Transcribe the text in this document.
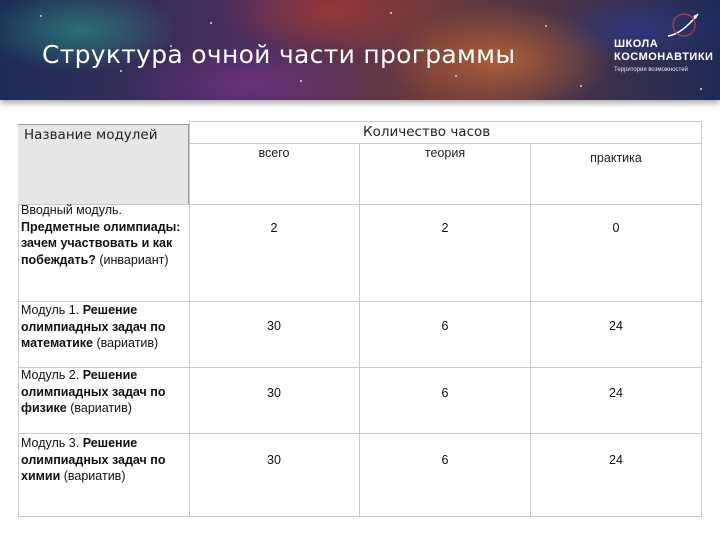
Структура очной части программы	ШКОЛА
КОСМОНАВТИКИ
Территория возможностей
Название модулей	Количество часов
всего	теория	практика
Вводный модуль. Предметные олимпиады: зачем участвовать и как побеждать? (инвариант)
2	2	0
Модуль 1. Решение олимпиадных задач по математике (вариатив)
30	6	24
Модуль 2. Решение олимпиадных задач по физике (вариатив)
30	6	24
Модуль 3. Решение олимпиадных задач по химии (вариатив)
30	6	24
